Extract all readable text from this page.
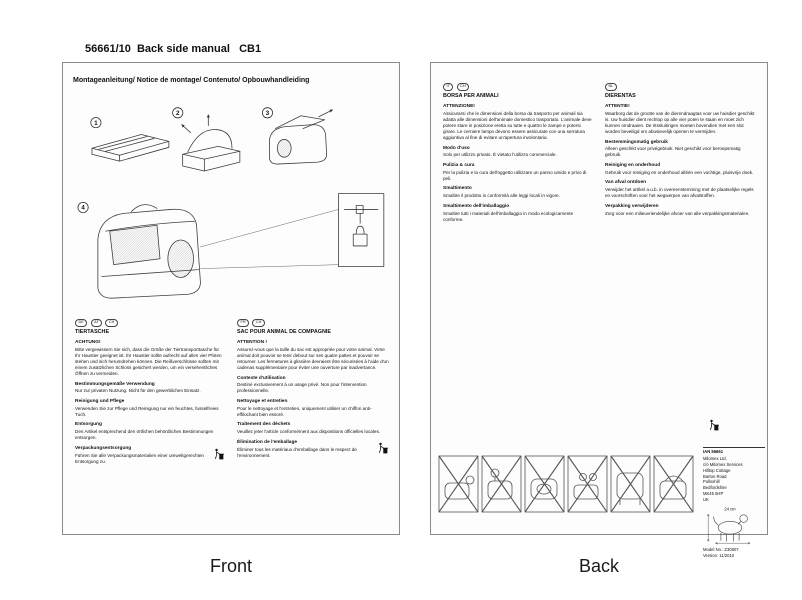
56661/10  Back side manual   CB1

Montageanleitung/ Notice de montage/ Contenuto/ Opbouwhandleiding
1
2	3
4
DE	AT	CH
TIERTASCHE
ACHTUNG!

Bitte vergewissern Sie sich, dass die Größe der Tiertransporttasche für Ihr Haustier geeignet ist. Ihr Haustier sollte aufrecht auf allen vier Pfoten stehen und sich herumdrehen können. Die Reißverschlüsse sollten mit einem zusätzlichen Schloss gesichert werden, um ein versehentliches Öffnen zu vermeiden.

Bestimmungsgemäße Verwendung

Nur zur privaten Nutzung. Nicht für den gewerblichen Einsatz.

Reinigung und Pflege

Verwenden Sie zur Pflege und Reinigung nur ein feuchtes, fusselfreies Tuch.

Entsorgung

Den Artikel entsprechend den örtlichen behördlichen Bestimmungen entsorgen.

Verpackungsentsorgung

Führen Sie alle Verpackungsmaterialien einer umweltgerechten Entsorgung zu.

FR	CH
SAC POUR ANIMAL DE COMPAGNIE
ATTENTION !

Assurez-vous que la taille du sac est appropriée pour votre animal. Votre animal doit pouvoir se tenir debout sur ses quatre pattes et pouvoir se retourner. Les fermetures à glissière devraient être sécurisées à l'aide d'un cadenas supplémentaire pour éviter une ouverture par inadvertance.

Contexte d'utilisation

Destiné exclusivement à un usage privé. Non pour l'intervention professionnelle.

Nettoyage et entretien

Pour le nettoyage et l'entretien, uniquement utiliser un chiffon anti-effilochant bien essoré.

Traitement des déchets

Veuillez jeter l'article conformément aux dispositions officielles locales.

Élimination de l'emballage

Éliminer tous les matériaux d'emballage dans le respect de l'environnement.

IT	CH
BORSA PER ANIMALI
ATTENZIONE!

Assicurarsi che le dimensioni della borsa da trasporto per animali sia adatta alle dimensioni dell'animale domestico trasportato. L'animale deve potere stare in posizione eretta su tutte e quattro le zampe e potersi girare. Le cerniere lampo devono essere assicurate con una serratura aggiuntiva al fine di evitare un'apertura involontaria.

Modo d'uso

Solo per utilizzo privato. È vietato l'utilizzo commerciale.

Pulizia & cura

Per la pulizia e la cura dell'oggetto utilizzare un panno umido e privo di peli.

Smaltimento

Smaltire il prodotto in conformità alle leggi locali in vigore.

Smaltimento dell'imballaggio

Smaltire tutti i materiali dell'imballaggio in modo ecologicamente conforme.

NL
DIERENTAS
ATTENTIE!

Waarborg dat de grootte van de dierendraagtas voor uw huisdier geschikt is. Uw huisdier dient rechtop op alle vier poten te staan en moet zich kunnen omdraaien. De ritssluitingen moeten bovendien met een slot worden beveiligd om abusievelijk openen te vermijden.

Bestemmingsmatig gebruik

Alleen geschikt voor privégebruik. Niet geschikt voor beroepsmatig gebruik.

Reiniging en onderhoud

Gebruik voor reiniging en onderhoud alléén een vochtige, pluisvrije doek.

Van afval ontdoen

Verwijder het artikel a.u.b. in overeenstemming met de plaatselijke regels en voorschriften voor het wegwerpen van afvalstoffen.

Verpakking verwijderen

Zorg voor een milieuvriendelijke afvoer van alle verpakkingsmaterialen.

IAN 56661
Milomex Ltd.
c/o Milomex Services
Hilltop Cottage
Barton Road
Pulloxhill
Bedfordshire
MK45 5HP
UK
24 cm
Model No.: Z30807
Version: 11/2010
Front	Back
